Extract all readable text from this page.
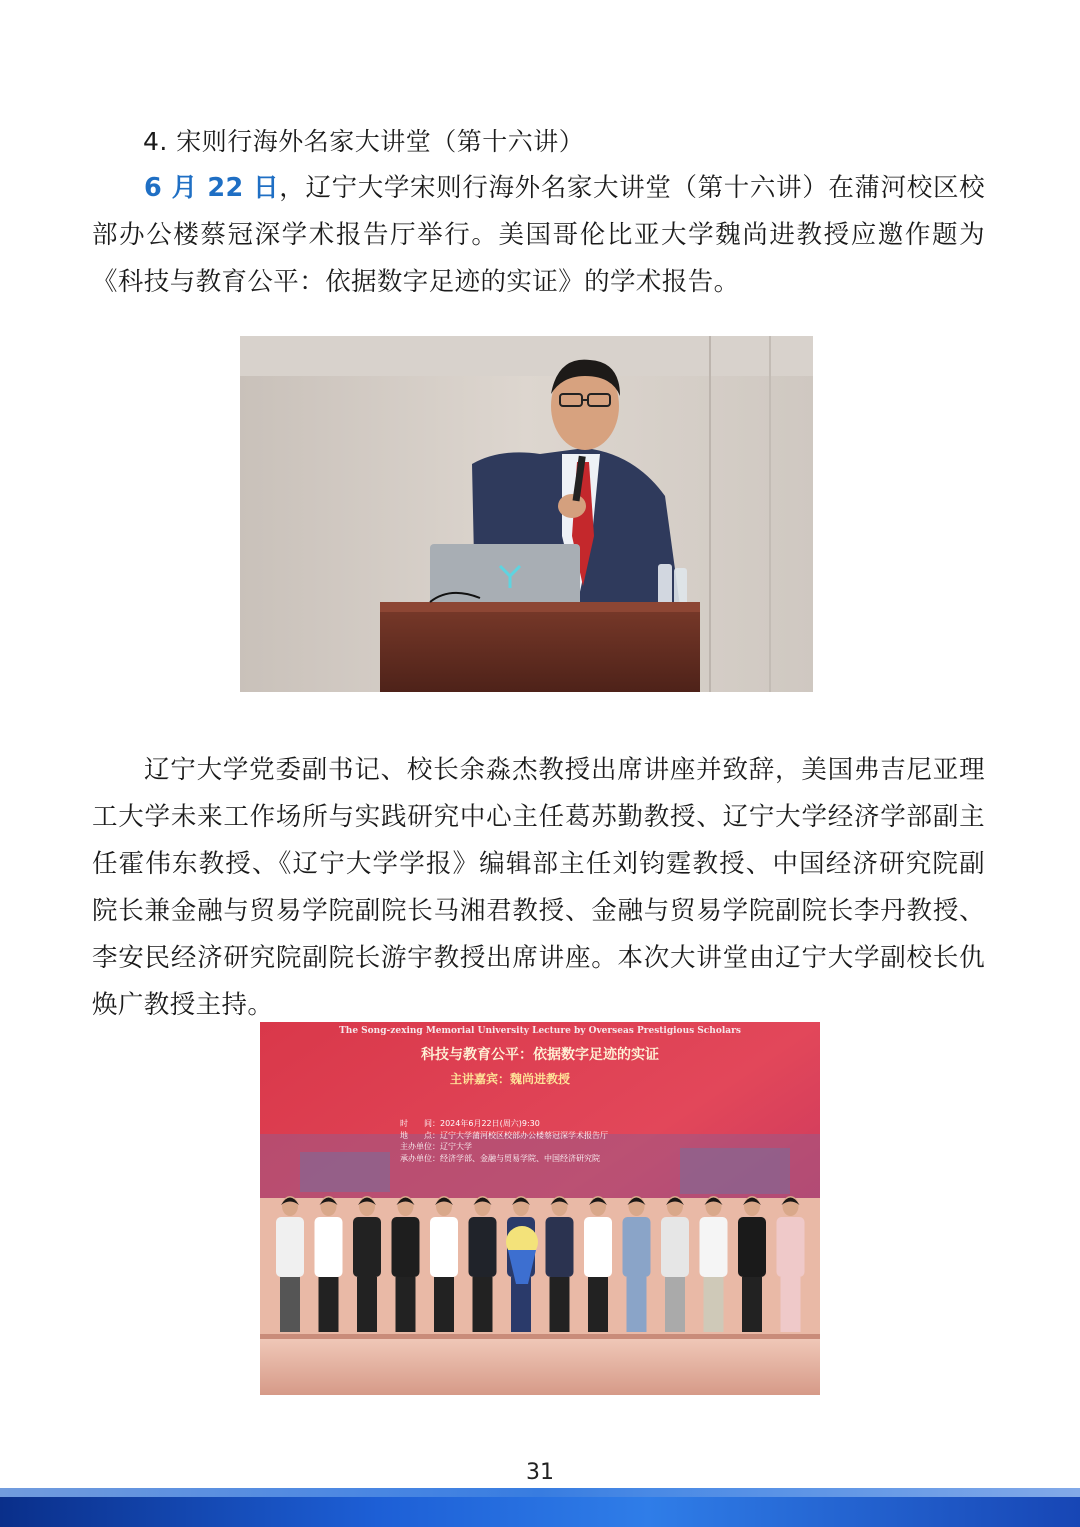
4. 宋则行海外名家大讲堂（第十六讲）

6 月 22 日，辽宁大学宋则行海外名家大讲堂（第十六讲）在蒲河校区校部办公楼蔡冠深学术报告厅举行。美国哥伦比亚大学魏尚进教授应邀作题为《科技与教育公平：依据数字足迹的实证》的学术报告。

辽宁大学党委副书记、校长余淼杰教授出席讲座并致辞，美国弗吉尼亚理工大学未来工作场所与实践研究中心主任葛苏勤教授、辽宁大学经济学部副主任霍伟东教授、《辽宁大学学报》编辑部主任刘钧霆教授、中国经济研究院副院长兼金融与贸易学院副院长马湘君教授、金融与贸易学院副院长李丹教授、李安民经济研究院副院长游宇教授出席讲座。本次大讲堂由辽宁大学副校长仇焕广教授主持。

The Song-zexing Memorial University Lecture by Overseas Prestigious Scholars
科技与教育公平：依据数字足迹的实证
主讲嘉宾：魏尚进教授
时　　间：2024年6月22日(周六)9:30
地　　点：辽宁大学蒲河校区校部办公楼蔡冠深学术报告厅
主办单位：辽宁大学
承办单位：经济学部、金融与贸易学院、中国经济研究院
31
